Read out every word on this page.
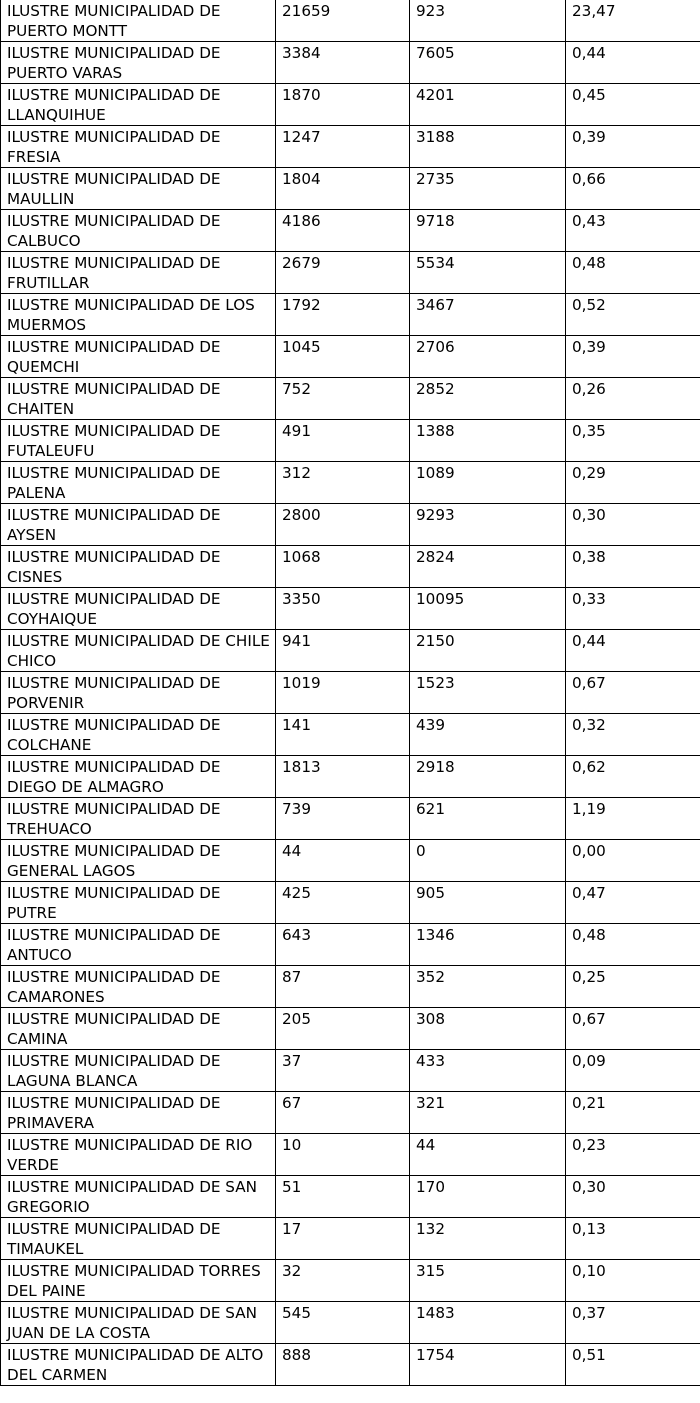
ILUSTRE MUNICIPALIDAD DE PUERTO MONTT	21659	923	23,47
ILUSTRE MUNICIPALIDAD DE PUERTO VARAS	3384	7605	0,44
ILUSTRE MUNICIPALIDAD DE LLANQUIHUE	1870	4201	0,45
ILUSTRE MUNICIPALIDAD DE FRESIA	1247	3188	0,39
ILUSTRE MUNICIPALIDAD DE MAULLIN	1804	2735	0,66
ILUSTRE MUNICIPALIDAD DE CALBUCO	4186	9718	0,43
ILUSTRE MUNICIPALIDAD DE FRUTILLAR	2679	5534	0,48
ILUSTRE MUNICIPALIDAD DE LOS MUERMOS	1792	3467	0,52
ILUSTRE MUNICIPALIDAD DE QUEMCHI	1045	2706	0,39
ILUSTRE MUNICIPALIDAD DE CHAITEN	752	2852	0,26
ILUSTRE MUNICIPALIDAD DE FUTALEUFU	491	1388	0,35
ILUSTRE MUNICIPALIDAD DE PALENA	312	1089	0,29
ILUSTRE MUNICIPALIDAD DE AYSEN	2800	9293	0,30
ILUSTRE MUNICIPALIDAD DE CISNES	1068	2824	0,38
ILUSTRE MUNICIPALIDAD DE COYHAIQUE	3350	10095	0,33
ILUSTRE MUNICIPALIDAD DE CHILE CHICO	941	2150	0,44
ILUSTRE MUNICIPALIDAD DE PORVENIR	1019	1523	0,67
ILUSTRE MUNICIPALIDAD DE COLCHANE	141	439	0,32
ILUSTRE MUNICIPALIDAD DE DIEGO DE ALMAGRO	1813	2918	0,62
ILUSTRE MUNICIPALIDAD DE TREHUACO	739	621	1,19
ILUSTRE MUNICIPALIDAD DE GENERAL LAGOS	44	0	0,00
ILUSTRE MUNICIPALIDAD DE PUTRE	425	905	0,47
ILUSTRE MUNICIPALIDAD DE ANTUCO	643	1346	0,48
ILUSTRE MUNICIPALIDAD DE CAMARONES	87	352	0,25
ILUSTRE MUNICIPALIDAD DE CAMINA	205	308	0,67
ILUSTRE MUNICIPALIDAD DE LAGUNA BLANCA	37	433	0,09
ILUSTRE MUNICIPALIDAD DE PRIMAVERA	67	321	0,21
ILUSTRE MUNICIPALIDAD DE RIO VERDE	10	44	0,23
ILUSTRE MUNICIPALIDAD DE SAN GREGORIO	51	170	0,30
ILUSTRE MUNICIPALIDAD DE TIMAUKEL	17	132	0,13
ILUSTRE MUNICIPALIDAD TORRES DEL PAINE	32	315	0,10
ILUSTRE MUNICIPALIDAD DE SAN JUAN DE LA COSTA	545	1483	0,37
ILUSTRE MUNICIPALIDAD DE ALTO DEL CARMEN	888	1754	0,51
